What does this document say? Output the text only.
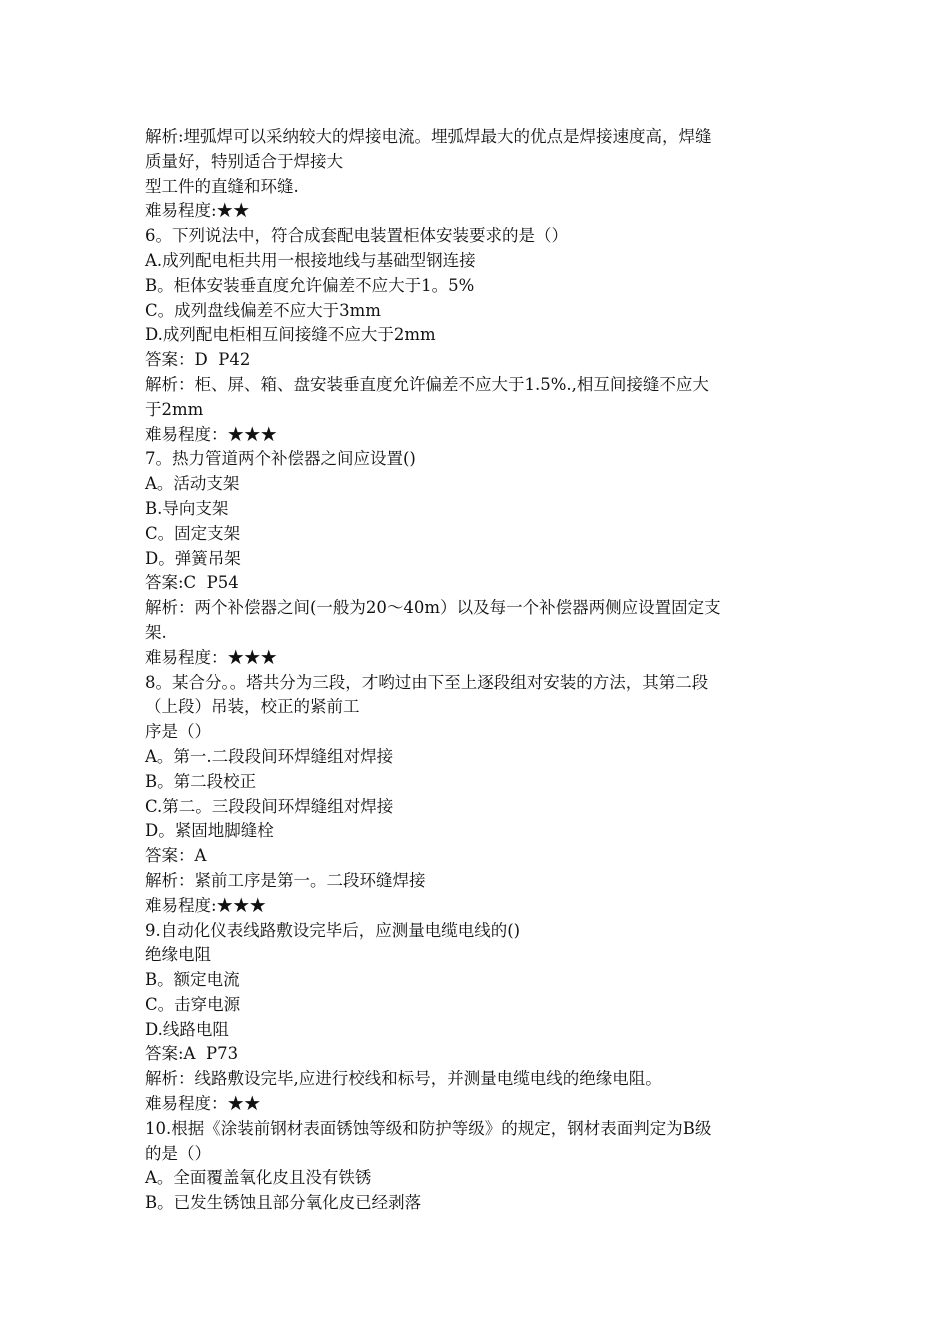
解析:埋弧焊可以采纳较大的焊接电流。埋弧焊最大的优点是焊接速度高，焊缝
质量好，特别适合于焊接大
型工件的直缝和环缝.
难易程度:★★
6。下列说法中，符合成套配电装置柜体安装要求的是（）
A.成列配电柜共用一根接地线与基础型钢连接
B。柜体安装垂直度允许偏差不应大于1。5%
C。成列盘线偏差不应大于3mm
D.成列配电柜相互间接缝不应大于2mm
答案：D  P42
解析：柜、屏、箱、盘安装垂直度允许偏差不应大于1.5%.,相互间接缝不应大
于2mm
难易程度：★★★
7。热力管道两个补偿器之间应设置()
A。活动支架
B.导向支架
C。固定支架
D。弹簧吊架
答案:C  P54
解析：两个补偿器之间(一般为20～40m）以及每一个补偿器两侧应设置固定支
架.
难易程度：★★★
8。某合分。。塔共分为三段，才哟过由下至上逐段组对安装的方法，其第二段
（上段）吊装，校正的紧前工
序是（）
A。第一.二段段间环焊缝组对焊接
B。第二段校正
C.第二。三段段间环焊缝组对焊接
D。紧固地脚缝栓
答案：A
解析：紧前工序是第一。二段环缝焊接
难易程度:★★★
9.自动化仪表线路敷设完毕后，应测量电缆电线的()
绝缘电阻
B。额定电流
C。击穿电源
D.线路电阻
答案:A  P73
解析：线路敷设完毕,应进行校线和标号，并测量电缆电线的绝缘电阻。
难易程度：★★
10.根据《涂装前钢材表面锈蚀等级和防护等级》的规定，钢材表面判定为B级
的是（）
A。全面覆盖氧化皮且没有铁锈
B。已发生锈蚀且部分氧化皮已经剥落
